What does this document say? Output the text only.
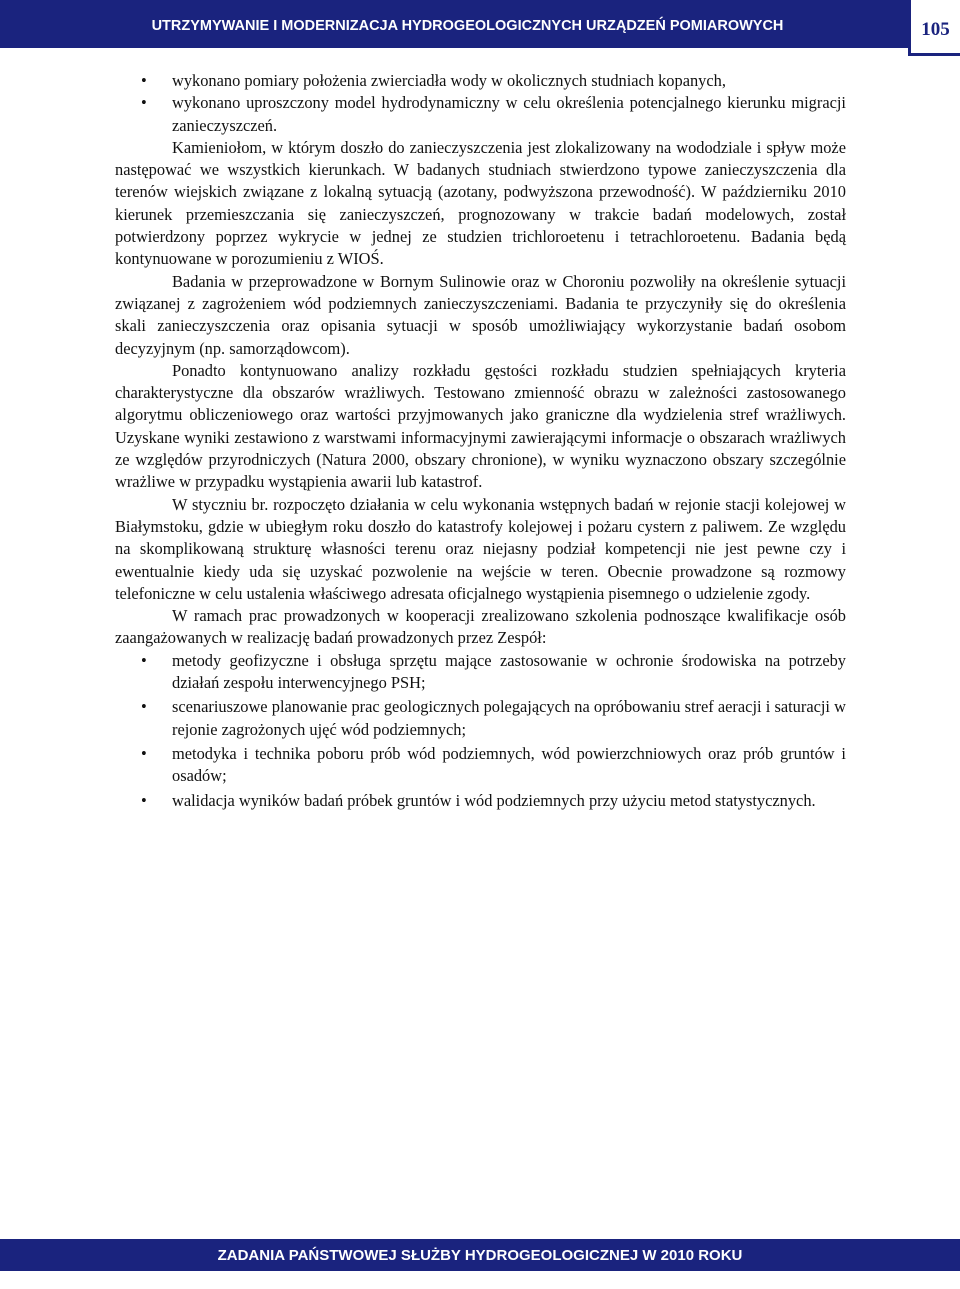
UTRZYMYWANIE I MODERNIZACJA HYDROGEOLOGICZNYCH URZĄDZEŃ POMIAROWYCH	105
• wykonano pomiary położenia zwierciadła wody w okolicznych studniach kopanych,
• wykonano uproszczony model hydrodynamiczny w celu określenia potencjalnego kierunku migracji zanieczyszczeń.

Kamieniołom, w którym doszło do zanieczyszczenia jest zlokalizowany na wododziale i spływ może następować we wszystkich kierunkach. W badanych studniach stwierdzono typowe zanieczyszczenia dla terenów wiejskich związane z lokalną sytuacją (azotany, podwyższona przewodność). W październiku 2010 kierunek przemieszczania się zanieczyszczeń, prognozowany w trakcie badań modelowych, został potwierdzony poprzez wykrycie w jednej ze studzien trichloroetenu i tetrachloroetenu. Badania będą kontynuowane w porozumieniu z WIOŚ.

Badania w przeprowadzone w Bornym Sulinowie oraz w Choroniu pozwoliły na określenie sytuacji związanej z zagrożeniem wód podziemnych zanieczyszczeniami. Badania te przyczyniły się do określenia skali zanieczyszczenia oraz opisania sytuacji w sposób umożliwiający wykorzystanie badań osobom decyzyjnym (np. samorządowcom).

Ponadto kontynuowano analizy rozkładu gęstości rozkładu studzien spełniających kryteria charakterystyczne dla obszarów wrażliwych. Testowano zmienność obrazu w zależności zastosowanego algorytmu obliczeniowego oraz wartości przyjmowanych jako graniczne dla wydzielenia stref wrażliwych. Uzyskane wyniki zestawiono z warstwami informacyjnymi zawierającymi informacje o obszarach wrażliwych ze względów przyrodniczych (Natura 2000, obszary chronione), w wyniku wyznaczono obszary szczególnie wrażliwe w przypadku wystąpienia awarii lub katastrof.

W styczniu br. rozpoczęto działania w celu wykonania wstępnych badań w rejonie stacji kolejowej w Białymstoku, gdzie w ubiegłym roku doszło do katastrofy kolejowej i pożaru cystern z paliwem. Ze względu na skomplikowaną strukturę własności terenu oraz niejasny podział kompetencji nie jest pewne czy i ewentualnie kiedy uda się uzyskać pozwolenie na wejście w teren. Obecnie prowadzone są rozmowy telefoniczne w celu ustalenia właściwego adresata oficjalnego wystąpienia pisemnego o udzielenie zgody.

W ramach prac prowadzonych w kooperacji zrealizowano szkolenia podnoszące kwalifikacje osób zaangażowanych w realizację badań prowadzonych przez Zespół:

• metody geofizyczne i obsługa sprzętu mające zastosowanie w ochronie środowiska na potrzeby działań zespołu interwencyjnego PSH;
• scenariuszowe planowanie prac geologicznych polegających na opróbowaniu stref aeracji i saturacji w rejonie zagrożonych ujęć wód podziemnych;
• metodyka i technika poboru prób wód podziemnych, wód powierzchniowych oraz prób gruntów i osadów;
• walidacja wyników badań próbek gruntów i wód podziemnych przy użyciu metod statystycznych.
ZADANIA PAŃSTWOWEJ SŁUŻBY HYDROGEOLOGICZNEJ W 2010 ROKU
